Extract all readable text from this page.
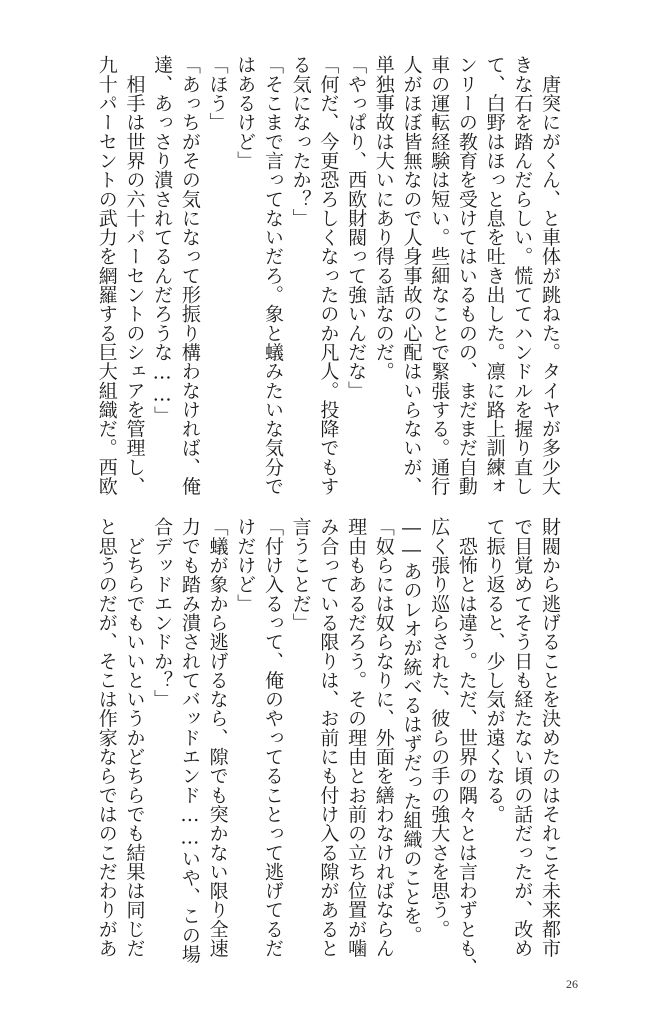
　唐突にがくん、と車体が跳ねた。タイヤが多少大
きな石を踏んだらしい。慌ててハンドルを握り直し
て、白野はほっと息を吐き出した。凛に路上訓練ォ
ンリーの教育を受けてはいるものの、まだまだ自動
車の運転経験は短い。些細なことで緊張する。通行
人がほぼ皆無なので人身事故の心配はいらないが、
単独事故は大いにあり得る話なのだ。
「やっぱり、西欧財閥って強いんだな」
「何だ、今更恐ろしくなったのか凡人。投降でもす
る気になったか？」
「そこまで言ってないだろ。象と蟻みたいな気分で
はあるけど」
「ほう」
「あっちがその気になって形振り構わなければ、俺
達、あっさり潰されてるんだろうな……」
　相手は世界の六十パーセントのシェアを管理し、
九十パーセントの武力を網羅する巨大組織だ。西欧
財閥から逃げることを決めたのはそれこそ未来都市
で目覚めてそう日も経たない頃の話だったが、改め
て振り返ると、少し気が遠くなる。
　恐怖とは違う。ただ、世界の隅々とは言わずとも、
広く張り巡らされた、彼らの手の強大さを思う。
――あのレオが統べるはずだった組織のことを。
「奴らには奴らなりに、外面を繕わなければならん
理由もあるだろう。その理由とお前の立ち位置が噛
み合っている限りは、お前にも付け入る隙があると
言うことだ」
「付け入るって、俺のやってることって逃げてるだ
けだけど」
「蟻が象から逃げるなら、隙でも突かない限り全速
力でも踏み潰されてバッドエンド……いや、この場
合デッドエンドか？」
　どちらでもいいというかどちらでも結果は同じだ
と思うのだが、そこは作家ならではのこだわりがあ
26
